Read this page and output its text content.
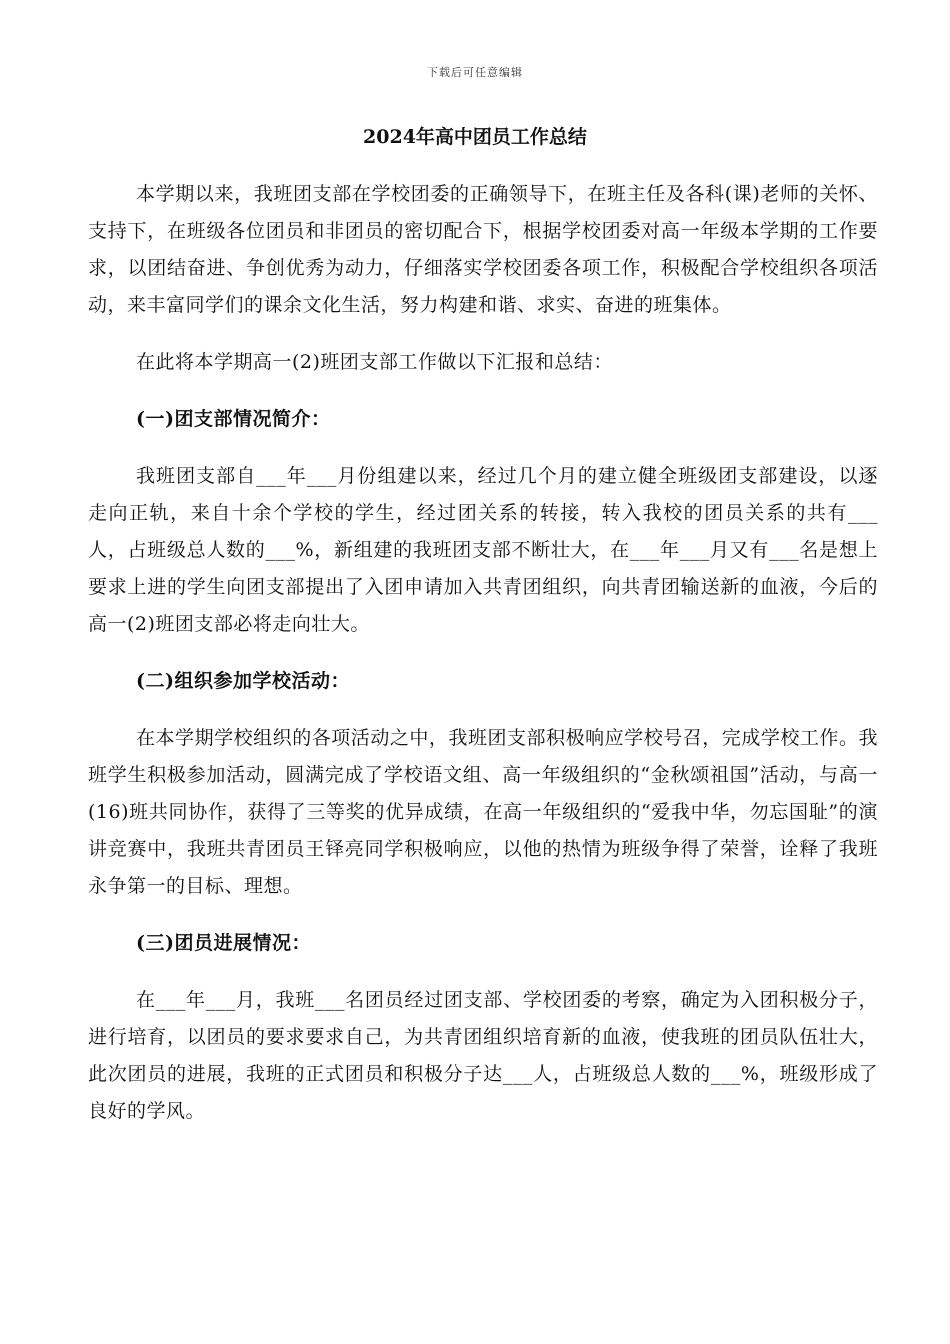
下载后可任意编辑
2024年高中团员工作总结

本学期以来，我班团支部在学校团委的正确领导下，在班主任及各科(课)老师的关怀、支持下，在班级各位团员和非团员的密切配合下，根据学校团委对高一年级本学期的工作要求，以团结奋进、争创优秀为动力，仔细落实学校团委各项工作，积极配合学校组织各项活动，来丰富同学们的课余文化生活，努力构建和谐、求实、奋进的班集体。

在此将本学期高一(2)班团支部工作做以下汇报和总结：

(一)团支部情况简介：

我班团支部自___年___月份组建以来，经过几个月的建立健全班级团支部建设，以逐走向正轨，来自十余个学校的学生，经过团关系的转接，转入我校的团员关系的共有___人，占班级总人数的___%，新组建的我班团支部不断壮大，在___年___月又有___名是想上要求上进的学生向团支部提出了入团申请加入共青团组织，向共青团输送新的血液，今后的高一(2)班团支部必将走向壮大。

(二)组织参加学校活动：

在本学期学校组织的各项活动之中，我班团支部积极响应学校号召，完成学校工作。我班学生积极参加活动，圆满完成了学校语文组、高一年级组织的“金秋颂祖国”活动，与高一(16)班共同协作，获得了三等奖的优异成绩，在高一年级组织的“爱我中华，勿忘国耻”的演讲竞赛中，我班共青团员王铎亮同学积极响应，以他的热情为班级争得了荣誉，诠释了我班永争第一的目标、理想。

(三)团员进展情况：

在___年___月，我班___名团员经过团支部、学校团委的考察，确定为入团积极分子，进行培育，以团员的要求要求自己，为共青团组织培育新的血液，使我班的团员队伍壮大，此次团员的进展，我班的正式团员和积极分子达___人，占班级总人数的___%，班级形成了良好的学风。
